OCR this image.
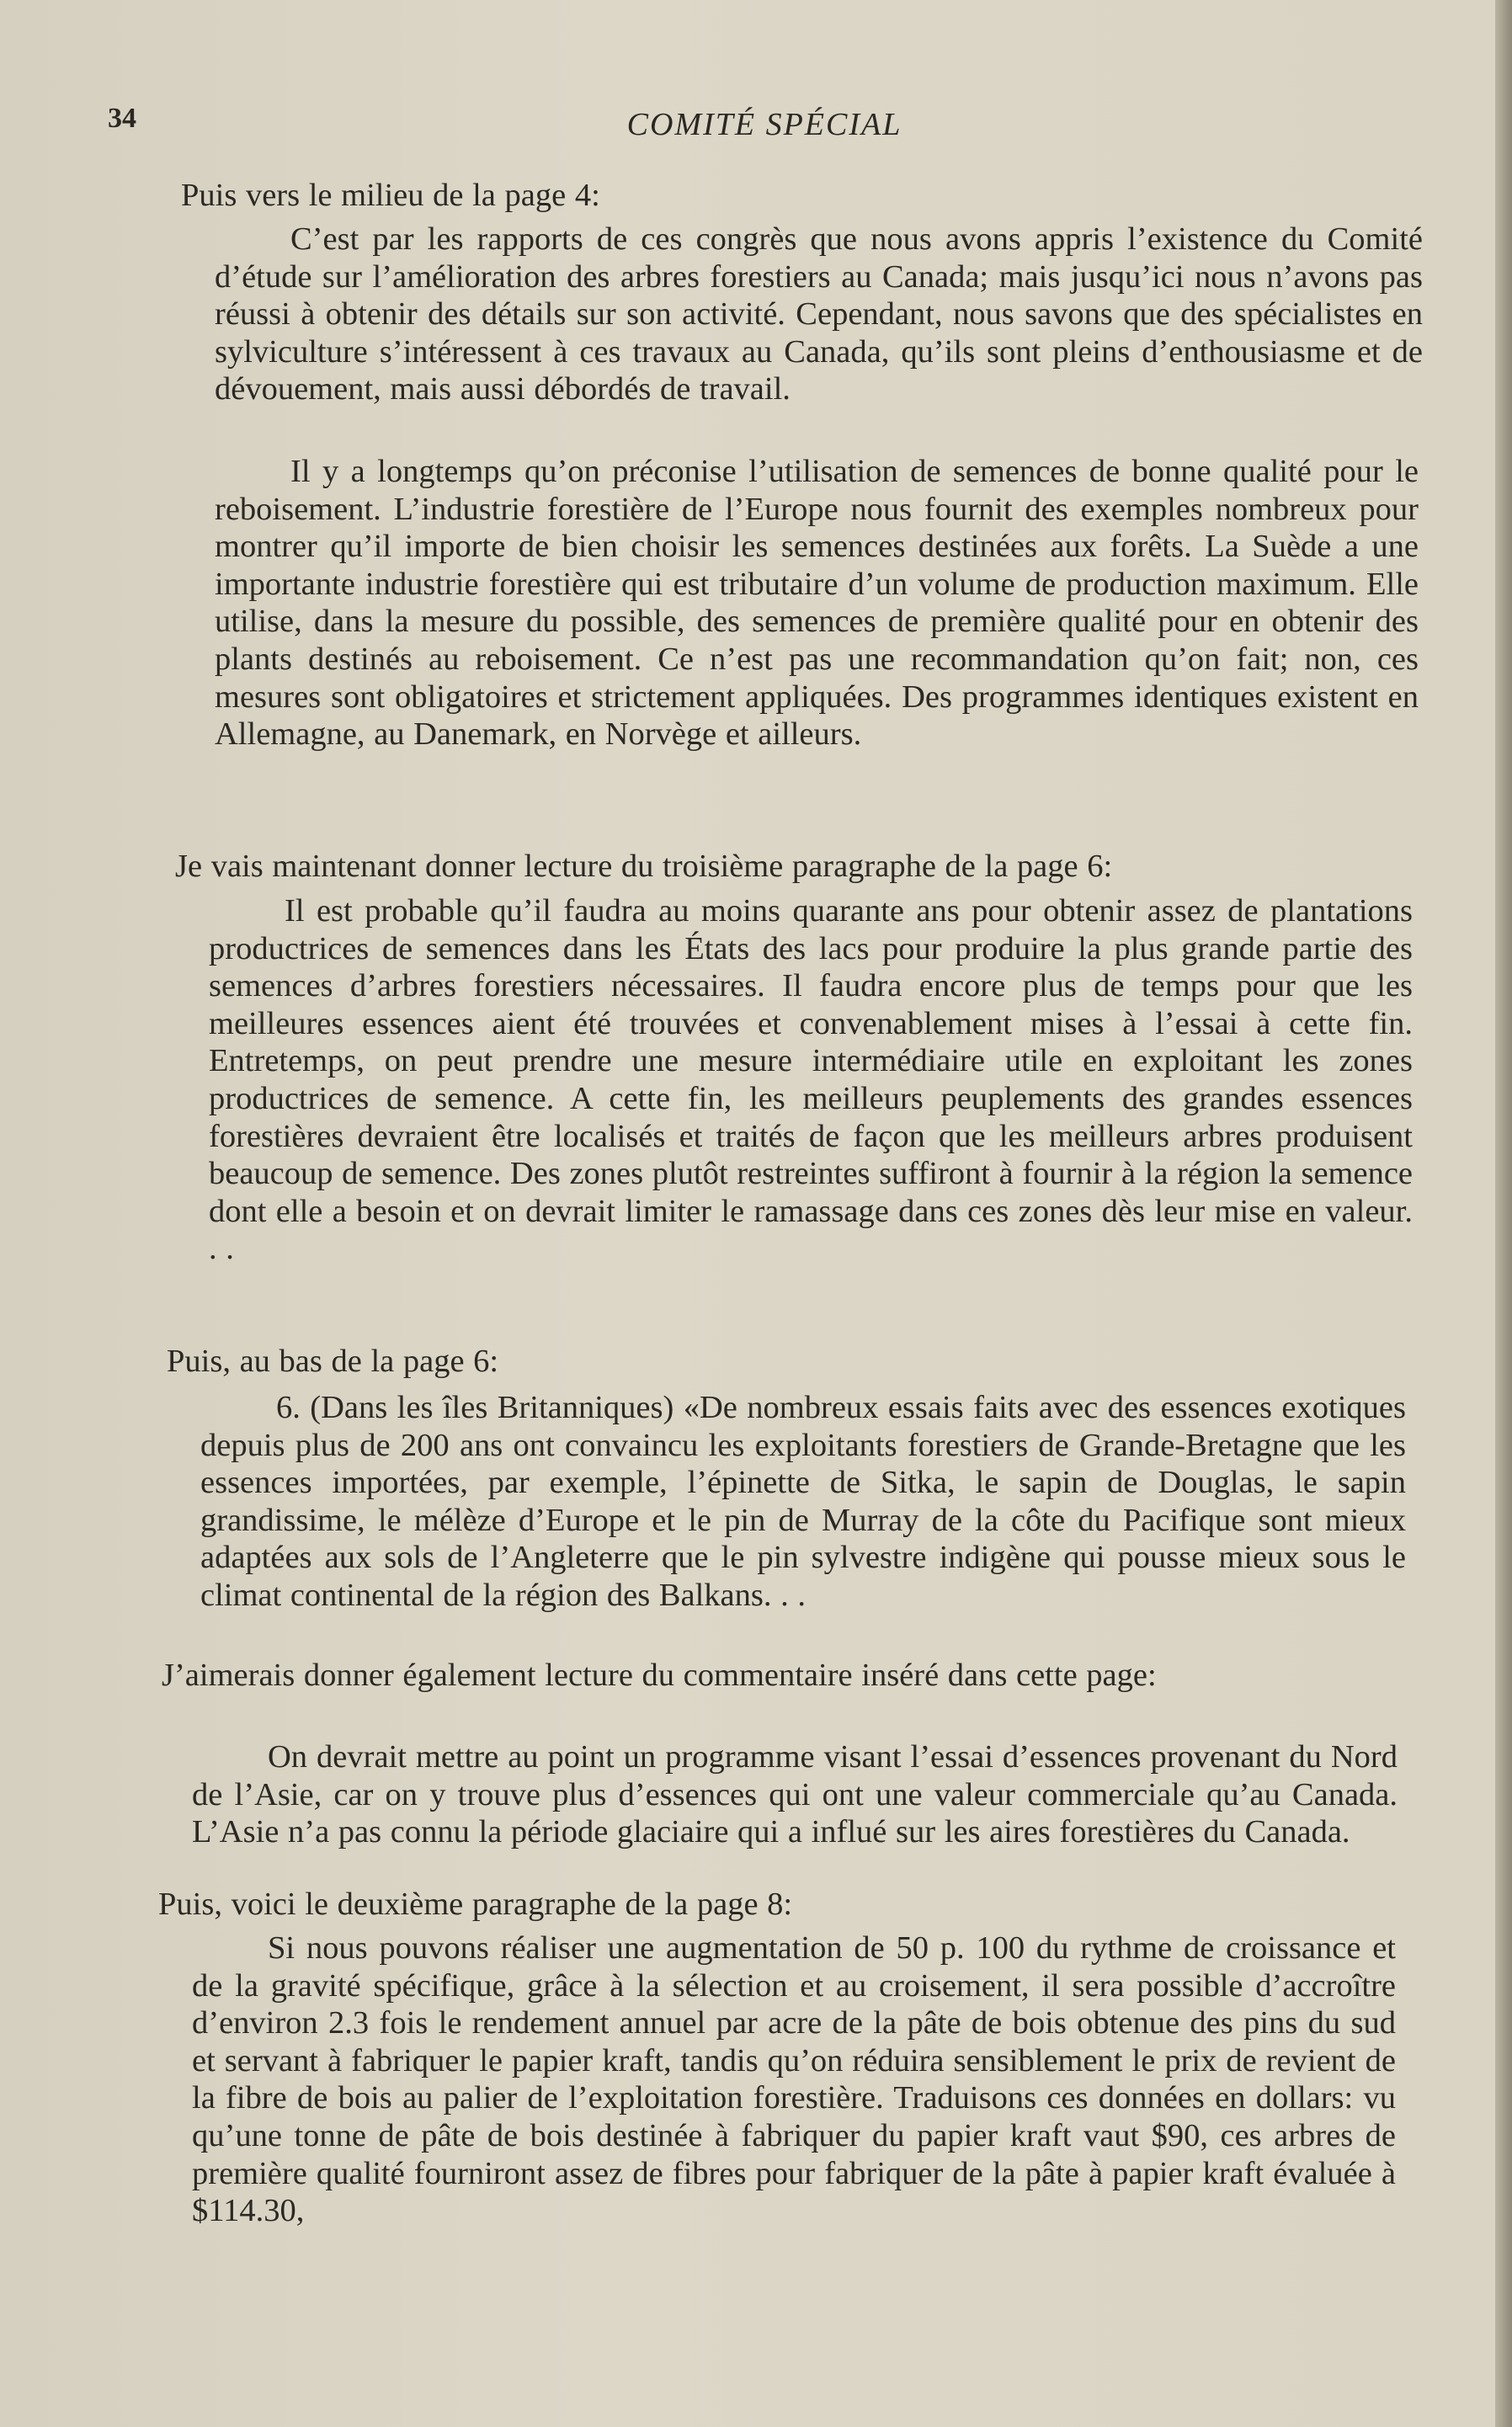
34	COMITÉ SPÉCIAL

Puis vers le milieu de la page 4:

C’est par les rapports de ces congrès que nous avons appris l’existence du Comité d’étude sur l’amélioration des arbres forestiers au Canada; mais jusqu’ici nous n’avons pas réussi à obtenir des détails sur son activité. Cependant, nous savons que des spécialistes en sylviculture s’intéressent à ces travaux au Canada, qu’ils sont pleins d’enthousiasme et de dévouement, mais aussi débordés de travail.

Il y a longtemps qu’on préconise l’utilisation de semences de bonne qualité pour le reboisement. L’industrie forestière de l’Europe nous fournit des exemples nombreux pour montrer qu’il importe de bien choisir les semences destinées aux forêts. La Suède a une importante industrie forestière qui est tributaire d’un volume de production maximum. Elle utilise, dans la mesure du possible, des semences de première qualité pour en obtenir des plants destinés au reboisement. Ce n’est pas une recommandation qu’on fait; non, ces mesures sont obligatoires et strictement appliquées. Des programmes identiques existent en Allemagne, au Danemark, en Norvège et ailleurs.

Je vais maintenant donner lecture du troisième paragraphe de la page 6:

Il est probable qu’il faudra au moins quarante ans pour obtenir assez de plantations productrices de semences dans les États des lacs pour produire la plus grande partie des semences d’arbres forestiers nécessaires. Il faudra encore plus de temps pour que les meilleures essences aient été trouvées et convenablement mises à l’essai à cette fin. Entretemps, on peut prendre une mesure intermédiaire utile en exploitant les zones productrices de semence. A cette fin, les meilleurs peuplements des grandes essences forestières devraient être localisés et traités de façon que les meilleurs arbres produisent beaucoup de semence. Des zones plutôt restreintes suffiront à fournir à la région la semence dont elle a besoin et on devrait limiter le ramassage dans ces zones dès leur mise en valeur. . .

Puis, au bas de la page 6:

6. (Dans les îles Britanniques) «De nombreux essais faits avec des essences exotiques depuis plus de 200 ans ont convaincu les exploitants forestiers de Grande-Bretagne que les essences importées, par exemple, l’épinette de Sitka, le sapin de Douglas, le sapin grandissime, le mélèze d’Europe et le pin de Murray de la côte du Pacifique sont mieux adaptées aux sols de l’Angleterre que le pin sylvestre indigène qui pousse mieux sous le climat continental de la région des Balkans. . .

J’aimerais donner également lecture du commentaire inséré dans cette page:

On devrait mettre au point un programme visant l’essai d’essences provenant du Nord de l’Asie, car on y trouve plus d’essences qui ont une valeur commerciale qu’au Canada. L’Asie n’a pas connu la période glaciaire qui a influé sur les aires forestières du Canada.

Puis, voici le deuxième paragraphe de la page 8:

Si nous pouvons réaliser une augmentation de 50 p. 100 du rythme de croissance et de la gravité spécifique, grâce à la sélection et au croisement, il sera possible d’accroître d’environ 2.3 fois le rendement annuel par acre de la pâte de bois obtenue des pins du sud et servant à fabriquer le papier kraft, tandis qu’on réduira sensiblement le prix de revient de la fibre de bois au palier de l’exploitation forestière. Traduisons ces données en dollars: vu qu’une tonne de pâte de bois destinée à fabriquer du papier kraft vaut $90, ces arbres de première qualité fourniront assez de fibres pour fabriquer de la pâte à papier kraft évaluée à $114.30,
